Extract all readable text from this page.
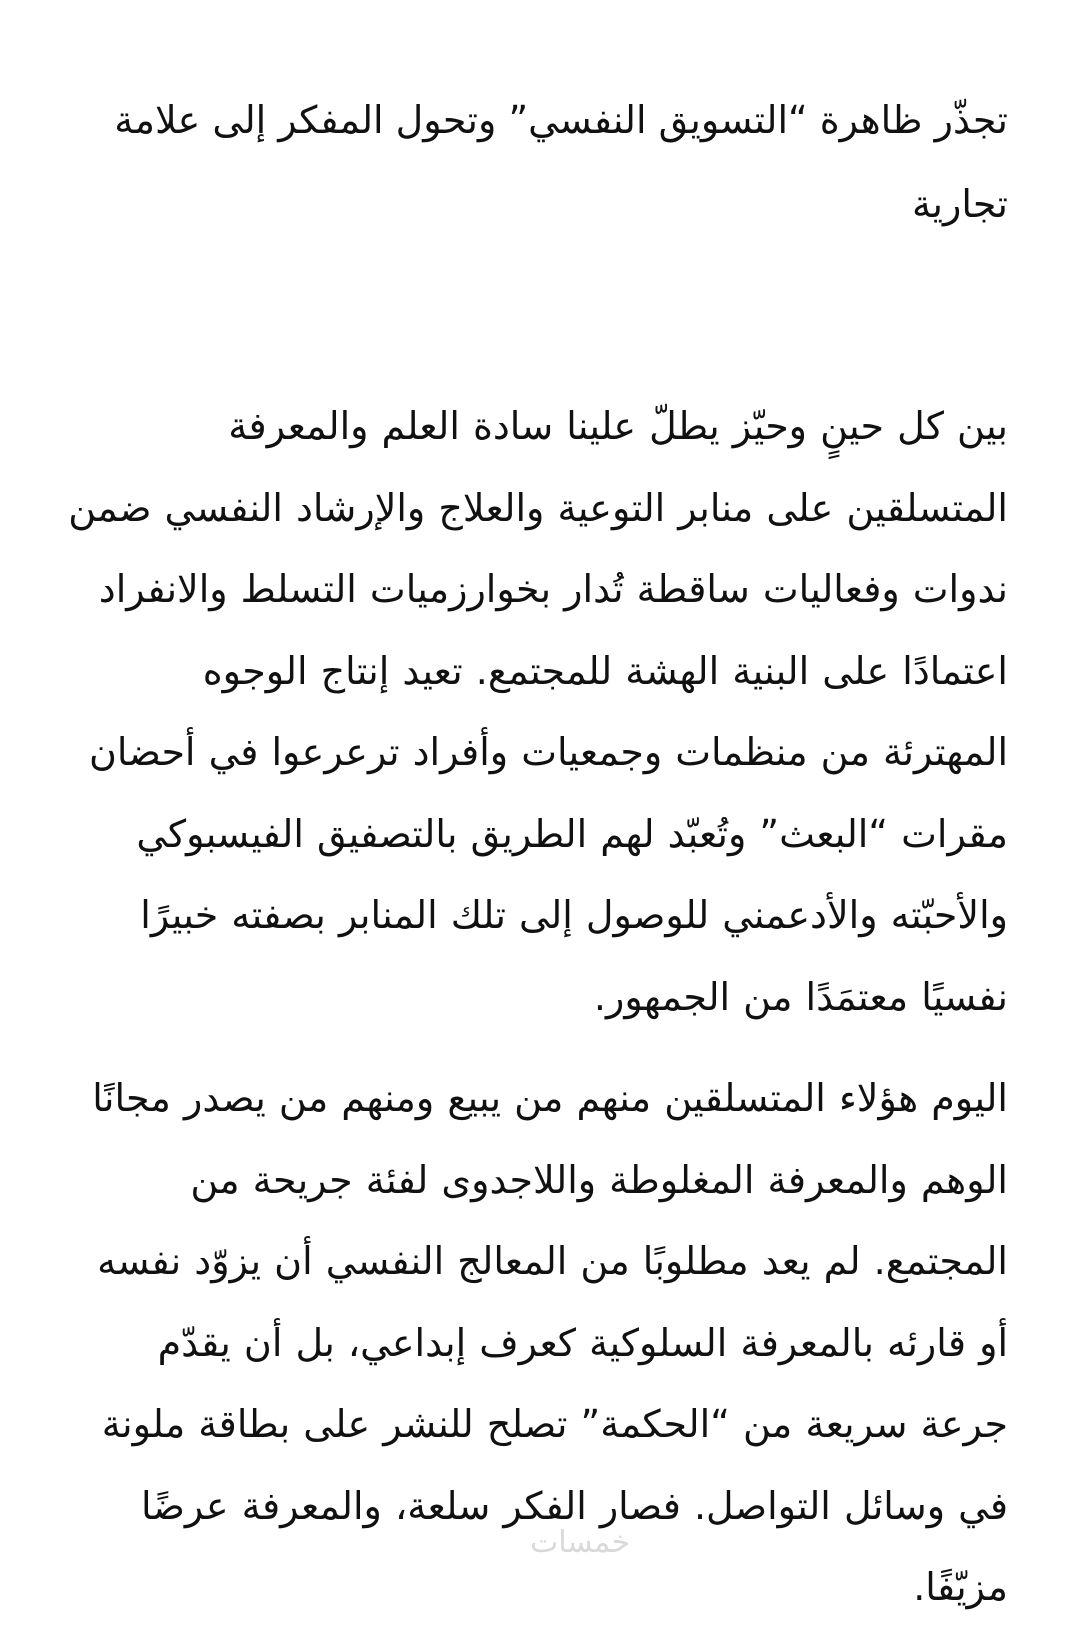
تجذّر ظاهرة “التسويق النفسي” وتحول المفكر إلى علامة تجارية

بين كل حينٍ وحيّز يطلّ علينا سادة العلم والمعرفة المتسلقين على منابر التوعية والعلاج والإرشاد النفسي ضمن ندوات وفعاليات ساقطة تُدار بخوارزميات التسلط والانفراد اعتمادًا على البنية الهشة للمجتمع. تعيد إنتاج الوجوه المهترئة من منظمات وجمعيات وأفراد ترعرعوا في أحضان مقرات “البعث” وتُعبّد لهم الطريق بالتصفيق الفيسبوكي والأحبّته والأدعمني للوصول إلى تلك المنابر بصفته خبيرًا نفسيًا معتمَدًا من الجمهور.

اليوم هؤلاء المتسلقين منهم من يبيع ومنهم من يصدر مجانًا الوهم والمعرفة المغلوطة واللاجدوى لفئة جريحة من المجتمع. لم يعد مطلوبًا من المعالج النفسي أن يزوّد نفسه أو قارئه بالمعرفة السلوكية كعرف إبداعي، بل أن يقدّم جرعة سريعة من “الحكمة” تصلح للنشر على بطاقة ملونة في وسائل التواصل. فصار الفكر سلعة، والمعرفة عرضًا مزيّفًا.

خمسات
